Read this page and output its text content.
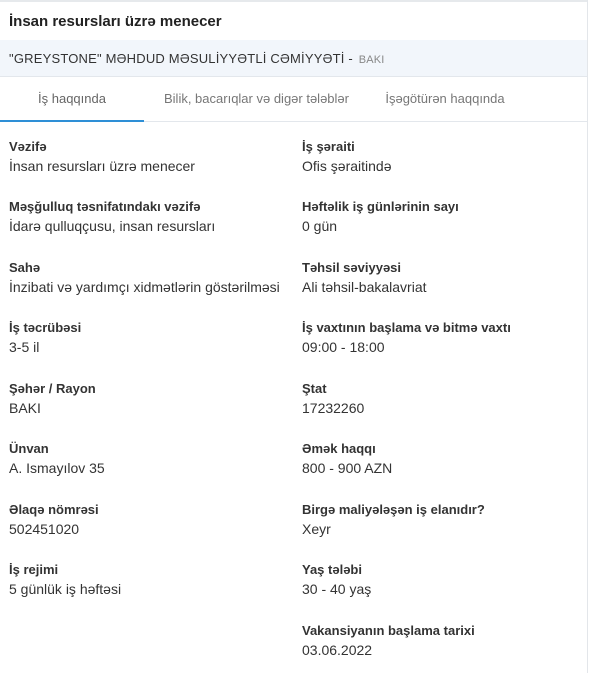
İnsan resursları üzrə menecer
"GREYSTONE" MƏHDUD MƏSULİYYƏTLİ CƏMİYYƏTİ - BAKI
İş haqqında	Bilik, bacarıqlar və digər tələblər	İşəgötürən haqqında
Vəzifə
İnsan resursları üzrə menecer
Məşğulluq təsnifatındakı vəzifə
İdarə qulluqçusu, insan resursları
Sahə
İnzibati və yardımçı xidmətlərin göstərilməsi
İş təcrübəsi
3-5 il
Şəhər / Rayon
BAKI
Ünvan
A. Ismayılov 35
Əlaqə nömrəsi
502451020
İş rejimi
5 günlük iş həftəsi
İş şəraiti
Ofis şəraitində
Həftəlik iş günlərinin sayı
0 gün
Təhsil səviyyəsi
Ali təhsil-bakalavriat
İş vaxtının başlama və bitmə vaxtı
09:00 - 18:00
Ştat
17232260
Əmək haqqı
800 - 900 AZN
Birgə maliyələşən iş elanıdır?
Xeyr
Yaş tələbi
30 - 40 yaş
Vakansiyanın başlama tarixi
03.06.2022
